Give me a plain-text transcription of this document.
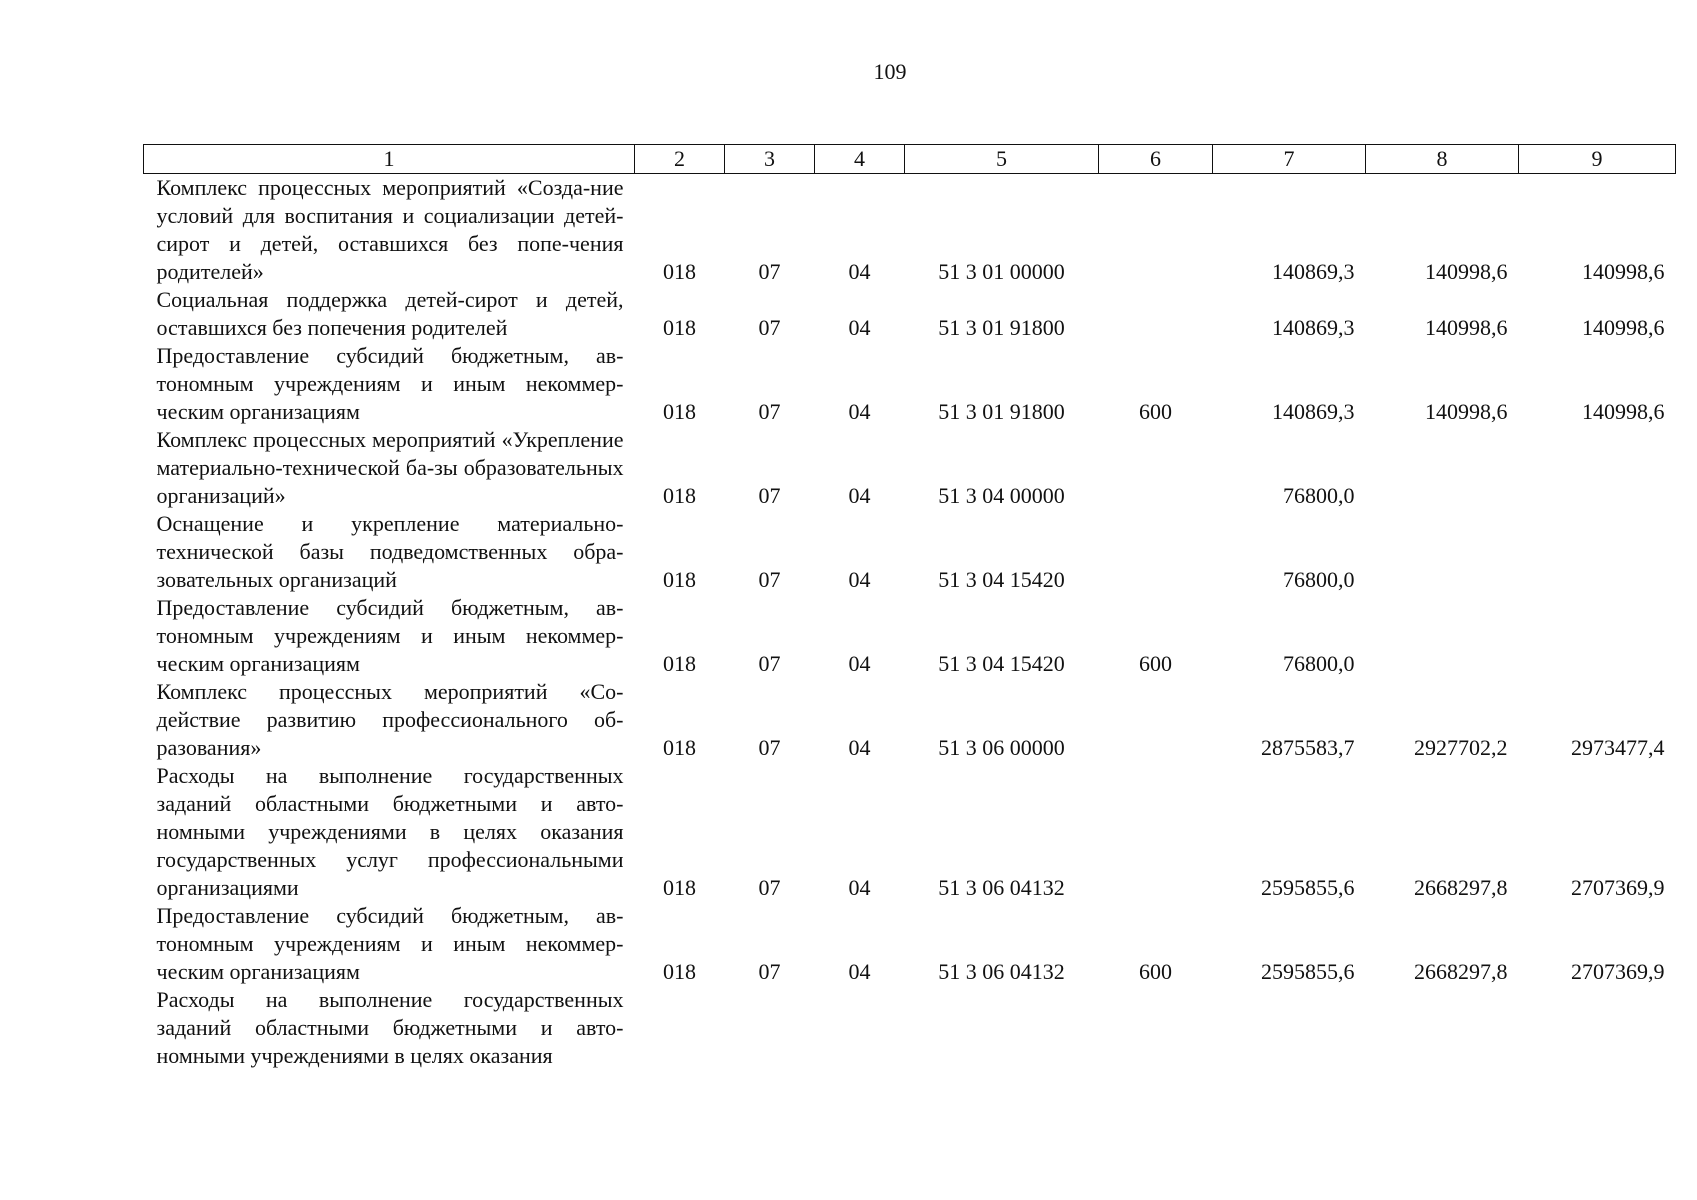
109
1	2	3	4	5	6	7	8	9
Комплекс процессных мероприятий «Созда-ние условий для воспитания и социализации детей-сирот и детей, оставшихся без попе-чения родителей»	018	07	04	51 3 01 00000		140869,3	140998,6	140998,6
Социальная поддержка детей-сирот и детей, оставшихся без попечения родителей	018	07	04	51 3 01 91800		140869,3	140998,6	140998,6
Предоставление субсидий бюджетным, ав-тономным учреждениям и иным некоммер-ческим организациям	018	07	04	51 3 01 91800	600	140869,3	140998,6	140998,6
Комплекс процессных мероприятий «Укрепление материально-технической ба-зы образовательных организаций»	018	07	04	51 3 04 00000		76800,0		
Оснащение и укрепление материально-технической базы подведомственных обра-зовательных организаций	018	07	04	51 3 04 15420		76800,0		
Предоставление субсидий бюджетным, ав-тономным учреждениям и иным некоммер-ческим организациям	018	07	04	51 3 04 15420	600	76800,0		
Комплекс процессных мероприятий «Со-действие развитию профессионального об-разования»	018	07	04	51 3 06 00000		2875583,7	2927702,2	2973477,4
Расходы на выполнение государственных заданий областными бюджетными и авто-номными учреждениями в целях оказания государственных услуг профессиональными организациями	018	07	04	51 3 06 04132		2595855,6	2668297,8	2707369,9
Предоставление субсидий бюджетным, ав-тономным учреждениям и иным некоммер-ческим организациям	018	07	04	51 3 06 04132	600	2595855,6	2668297,8	2707369,9
Расходы на выполнение государственных заданий областными бюджетными и авто-номными учреждениями в целях оказания								
